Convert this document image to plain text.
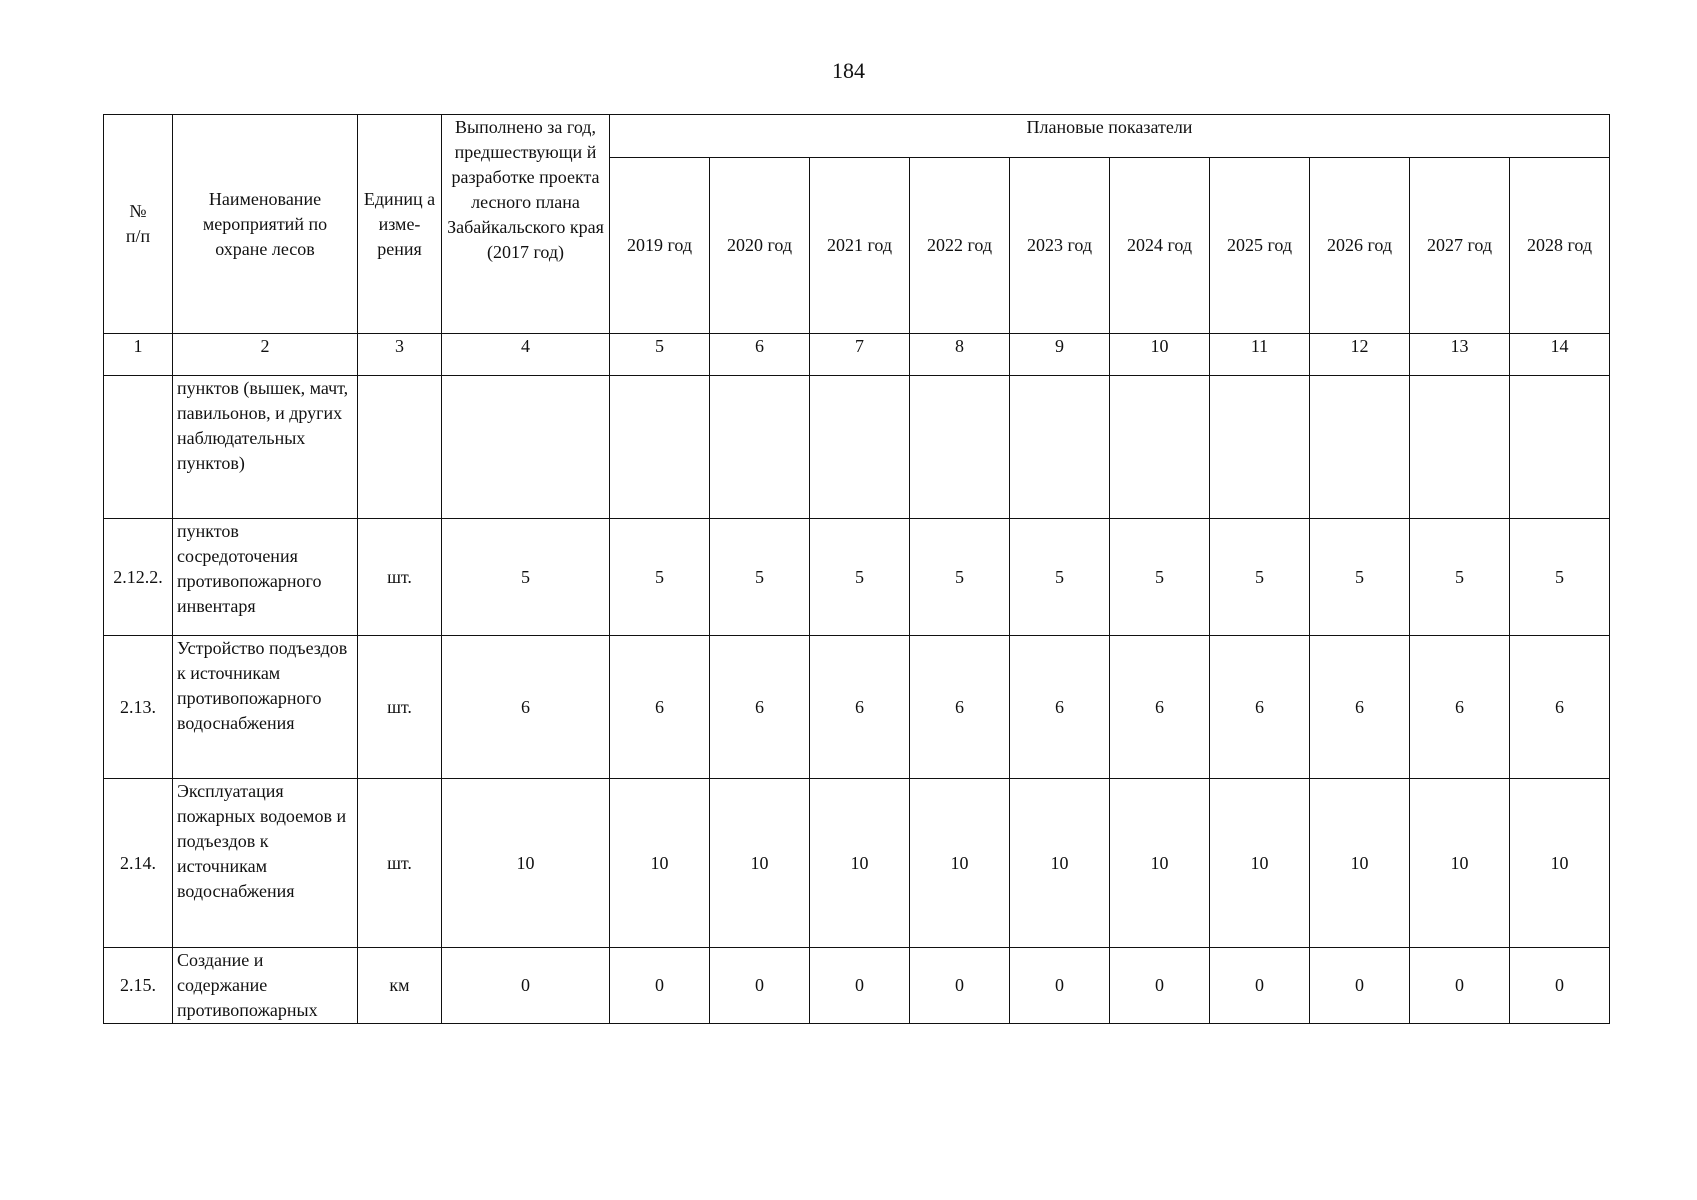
184
№
п/п	Наименование мероприятий по охране лесов	Единиц а изме-рения	Выполнено за год, предшествующи й разработке проекта лесного плана Забайкальского края (2017 год)	Плановые показатели									
				2019 год	2020 год	2021 год	2022 год	2023 год	2024 год	2025 год	2026 год	2027 год	2028 год
1	2	3	4	5	6	7	8	9	10	11	12	13	14
	пунктов (вышек, мачт, павильонов, и других наблюдательных пунктов)												
2.12.2.	пунктов сосредоточения противопожарного инвентаря	шт.	5	5	5	5	5	5	5	5	5	5	5
2.13.	Устройство подъездов к источникам противопожарного водоснабжения	шт.	6	6	6	6	6	6	6	6	6	6	6
2.14.	Эксплуатация пожарных водоемов и подъездов к источникам водоснабжения	шт.	10	10	10	10	10	10	10	10	10	10	10
2.15.	Создание и содержание противопожарных	км	0	0	0	0	0	0	0	0	0	0	0
